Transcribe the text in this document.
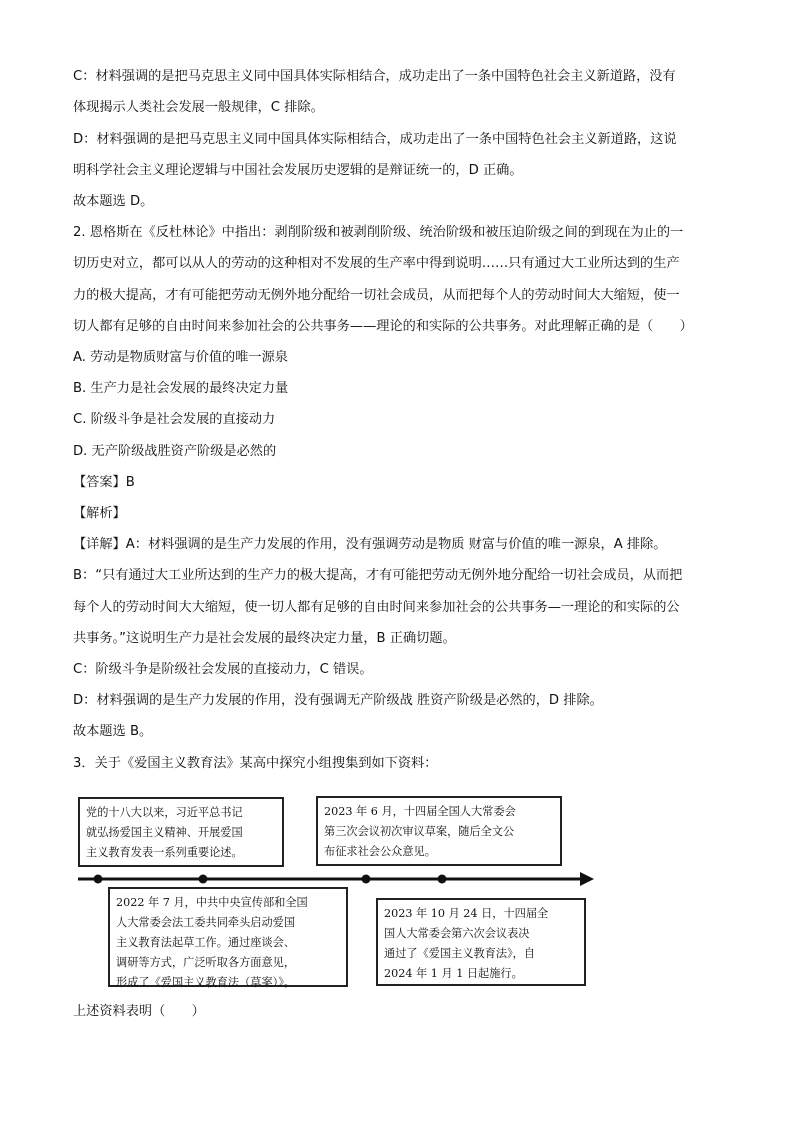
C：材料强调的是把马克思主义同中国具体实际相结合，成功走出了一条中国特色社会主义新道路，没有
体现揭示人类社会发展一般规律，C 排除。
D：材料强调的是把马克思主义同中国具体实际相结合，成功走出了一条中国特色社会主义新道路，这说
明科学社会主义理论逻辑与中国社会发展历史逻辑的是辩证统一的，D 正确。
故本题选 D。
2. 恩格斯在《反杜林论》中指出：剥削阶级和被剥削阶级、统治阶级和被压迫阶级之间的到现在为止的一
切历史对立，都可以从人的劳动的这种相对不发展的生产率中得到说明……只有通过大工业所达到的生产
力的极大提高，才有可能把劳动无例外地分配给一切社会成员，从而把每个人的劳动时间大大缩短，使一
切人都有足够的自由时间来参加社会的公共事务——理论的和实际的公共事务。对此理解正确的是（　　）
A. 劳动是物质财富与价值的唯一源泉
B. 生产力是社会发展的最终决定力量
C. 阶级斗争是社会发展的直接动力
D. 无产阶级战胜资产阶级是必然的
【答案】B
【解析】
【详解】A：材料强调的是生产力发展的作用，没有强调劳动是物质 财富与价值的唯一源泉，A 排除。
B：“只有通过大工业所达到的生产力的极大提高，才有可能把劳动无例外地分配给一切社会成员，从而把
每个人的劳动时间大大缩短，使一切人都有足够的自由时间来参加社会的公共事务—一理论的和实际的公
共事务。”这说明生产力是社会发展的最终决定力量，B 正确切题。
C：阶级斗争是阶级社会发展的直接动力，C 错误。
D：材料强调的是生产力发展的作用，没有强调无产阶级战 胜资产阶级是必然的，D 排除。
故本题选 B。
3．关于《爱国主义教育法》某高中探究小组搜集到如下资料：
上述资料表明（　　）
党的十八大以来，习近平总书记
就弘扬爱国主义精神、开展爱国
主义教育发表一系列重要论述。
2022 年 7 月，中共中央宣传部和全国
人大常委会法工委共同牵头启动爱国
主义教育法起草工作。通过座谈会、
调研等方式，广泛听取各方面意见，
形成了《爱国主义教育法（草案）》。
2023 年 6 月，十四届全国人大常委会
第三次会议初次审议草案，随后全文公
布征求社会公众意见。
2023 年 10 月 24 日，十四届全
国人大常委会第六次会议表决
通过了《爱国主义教育法》，自
2024 年 1 月 1 日起施行。
